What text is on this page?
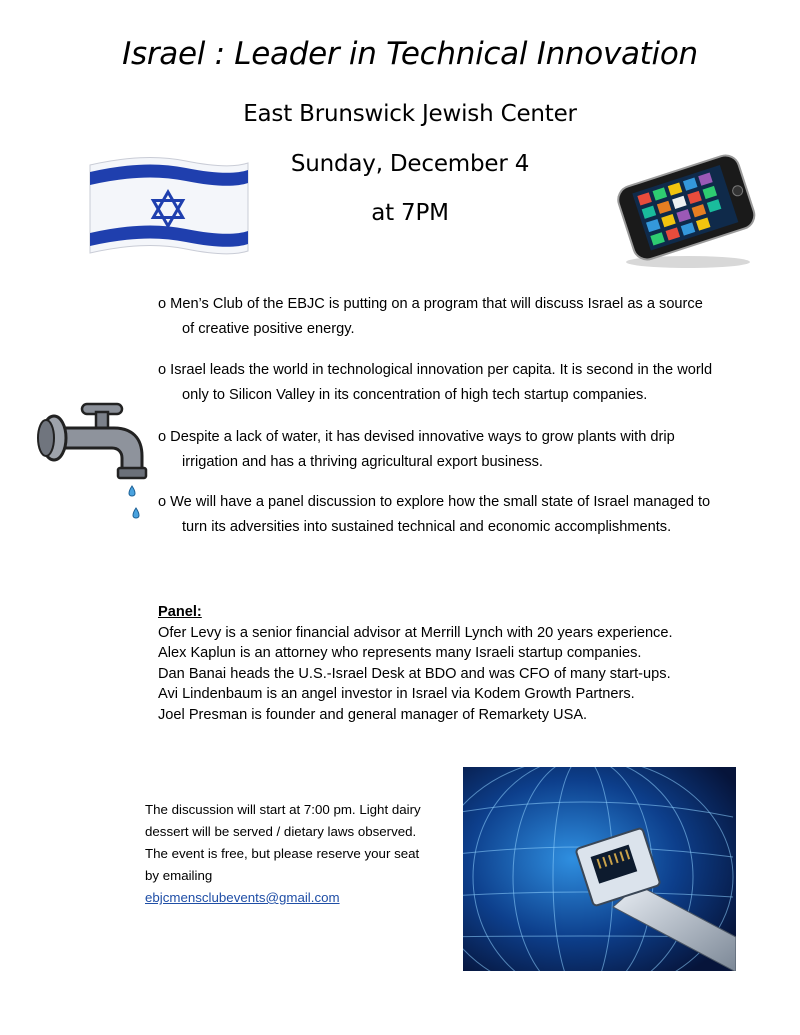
Israel : Leader in Technical Innovation
East Brunswick Jewish Center
Sunday, December 4
at 7PM

o Men’s Club of the EBJC is putting on a program that will discuss Israel as a source of creative positive energy.

o Israel leads the world in technological innovation per capita. It is second in the world only to Silicon Valley in its concentration of high tech startup companies.

o Despite a lack of water, it has devised innovative ways to grow plants with drip irrigation and has a thriving agricultural export business.

o We will have a panel discussion to explore how the small state of Israel managed to turn its adversities into sustained technical and economic accomplishments.

Panel:
Ofer Levy is a senior financial advisor at Merrill Lynch with 20 years experience.
Alex Kaplun is an attorney who represents many Israeli startup companies.
Dan Banai heads the U.S.-Israel Desk at BDO and was CFO of many start-ups.
Avi Lindenbaum is an angel investor in Israel via Kodem Growth Partners.
Joel Presman is founder and general manager of Remarkety USA.
The discussion will start at 7:00 pm. Light dairy dessert will be served / dietary laws observed. The event is free, but please reserve your seat by emailing
ebjcmensclubevents@gmail.com
